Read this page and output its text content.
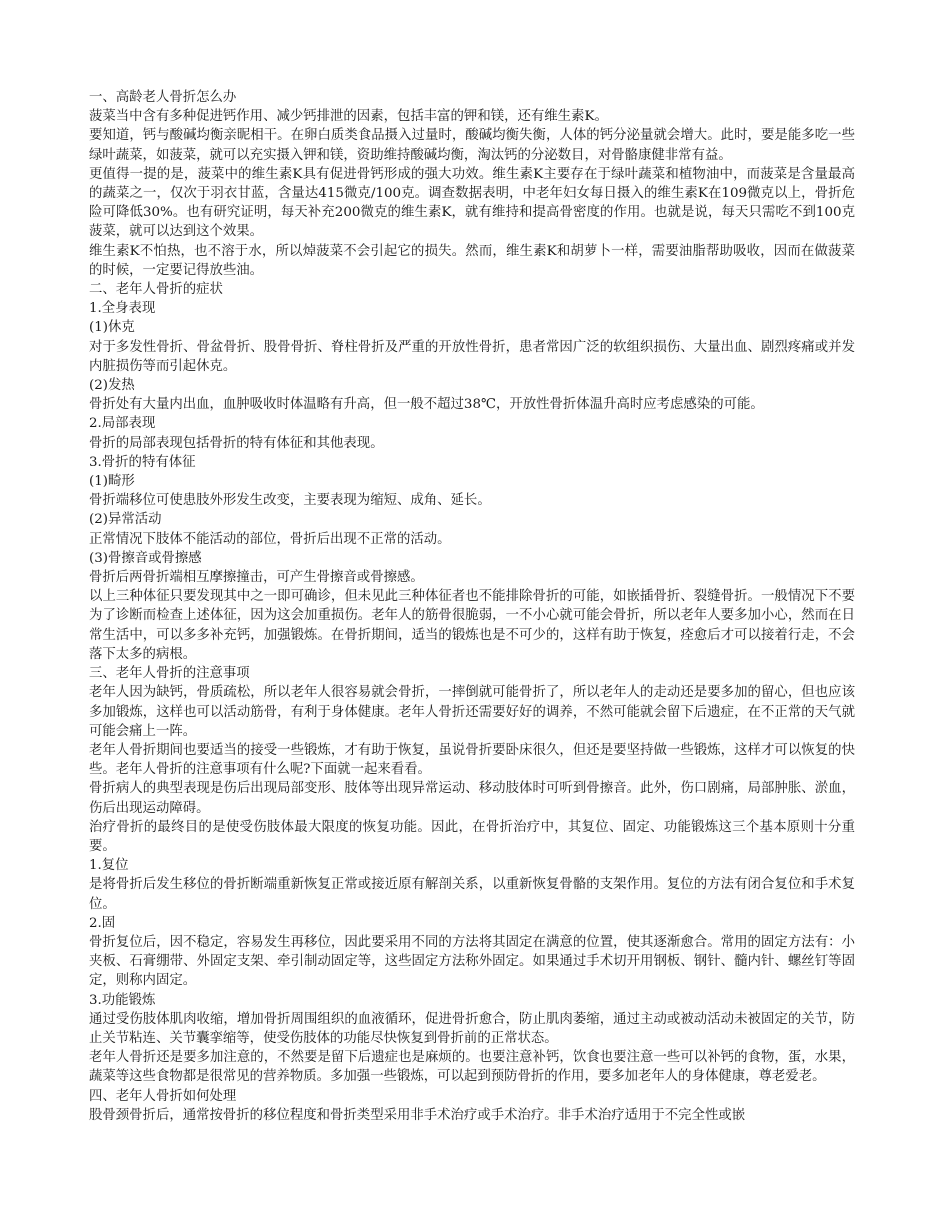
一、高龄老人骨折怎么办

菠菜当中含有多种促进钙作用、减少钙排泄的因素，包括丰富的钾和镁，还有维生素K。

要知道，钙与酸碱均衡亲昵相干。在卵白质类食品摄入过量时，酸碱均衡失衡，人体的钙分泌量就会增大。此时，要是能多吃一些绿叶蔬菜，如菠菜，就可以充实摄入钾和镁，资助维持酸碱均衡，淘汰钙的分泌数目，对骨骼康健非常有益。

更值得一提的是，菠菜中的维生素K具有促进骨钙形成的强大功效。维生素K主要存在于绿叶蔬菜和植物油中，而菠菜是含量最高的蔬菜之一，仅次于羽衣甘蓝，含量达415微克/100克。调查数据表明，中老年妇女每日摄入的维生素K在109微克以上，骨折危险可降低30%。也有研究证明，每天补充200微克的维生素K，就有维持和提高骨密度的作用。也就是说，每天只需吃不到100克菠菜，就可以达到这个效果。

维生素K不怕热，也不溶于水，所以焯菠菜不会引起它的损失。然而，维生素K和胡萝卜一样，需要油脂帮助吸收，因而在做菠菜的时候，一定要记得放些油。

二、老年人骨折的症状

1.全身表现

(1)休克

对于多发性骨折、骨盆骨折、股骨骨折、脊柱骨折及严重的开放性骨折，患者常因广泛的软组织损伤、大量出血、剧烈疼痛或并发内脏损伤等而引起休克。

(2)发热

骨折处有大量内出血，血肿吸收时体温略有升高，但一般不超过38℃，开放性骨折体温升高时应考虑感染的可能。

2.局部表现

骨折的局部表现包括骨折的特有体征和其他表现。

3.骨折的特有体征

(1)畸形

骨折端移位可使患肢外形发生改变，主要表现为缩短、成角、延长。

(2)异常活动

正常情况下肢体不能活动的部位，骨折后出现不正常的活动。

(3)骨擦音或骨擦感

骨折后两骨折端相互摩擦撞击，可产生骨擦音或骨擦感。

以上三种体征只要发现其中之一即可确诊，但未见此三种体征者也不能排除骨折的可能，如嵌插骨折、裂缝骨折。一般情况下不要为了诊断而检查上述体征，因为这会加重损伤。老年人的筋骨很脆弱，一不小心就可能会骨折，所以老年人要多加小心，然而在日常生活中，可以多多补充钙，加强锻炼。在骨折期间，适当的锻炼也是不可少的，这样有助于恢复，痊愈后才可以接着行走，不会落下太多的病根。

三、老年人骨折的注意事项

老年人因为缺钙，骨质疏松，所以老年人很容易就会骨折，一摔倒就可能骨折了，所以老年人的走动还是要多加的留心，但也应该多加锻炼，这样也可以活动筋骨，有利于身体健康。老年人骨折还需要好好的调养，不然可能就会留下后遗症，在不正常的天气就可能会痛上一阵。

老年人骨折期间也要适当的接受一些锻炼，才有助于恢复，虽说骨折要卧床很久，但还是要坚持做一些锻炼，这样才可以恢复的快些。老年人骨折的注意事项有什么呢?下面就一起来看看。

骨折病人的典型表现是伤后出现局部变形、肢体等出现异常运动、移动肢体时可听到骨擦音。此外，伤口剧痛，局部肿胀、淤血，伤后出现运动障碍。

治疗骨折的最终目的是使受伤肢体最大限度的恢复功能。因此，在骨折治疗中，其复位、固定、功能锻炼这三个基本原则十分重要。

1.复位

是将骨折后发生移位的骨折断端重新恢复正常或接近原有解剖关系，以重新恢复骨骼的支架作用。复位的方法有闭合复位和手术复位。

2.固

骨折复位后，因不稳定，容易发生再移位，因此要采用不同的方法将其固定在满意的位置，使其逐渐愈合。常用的固定方法有：小夹板、石膏绷带、外固定支架、牵引制动固定等，这些固定方法称外固定。如果通过手术切开用钢板、钢针、髓内针、螺丝钉等固定，则称内固定。

3.功能锻炼

通过受伤肢体肌肉收缩，增加骨折周围组织的血液循环，促进骨折愈合，防止肌肉萎缩，通过主动或被动活动未被固定的关节，防止关节粘连、关节囊挛缩等，使受伤肢体的功能尽快恢复到骨折前的正常状态。

老年人骨折还是要多加注意的，不然要是留下后遗症也是麻烦的。也要注意补钙，饮食也要注意一些可以补钙的食物，蛋，水果，蔬菜等这些食物都是很常见的营养物质。多加强一些锻炼，可以起到预防骨折的作用，要多加老年人的身体健康，尊老爱老。

四、老年人骨折如何处理

股骨颈骨折后，通常按骨折的移位程度和骨折类型采用非手术治疗或手术治疗。非手术治疗适用于不完全性或嵌
